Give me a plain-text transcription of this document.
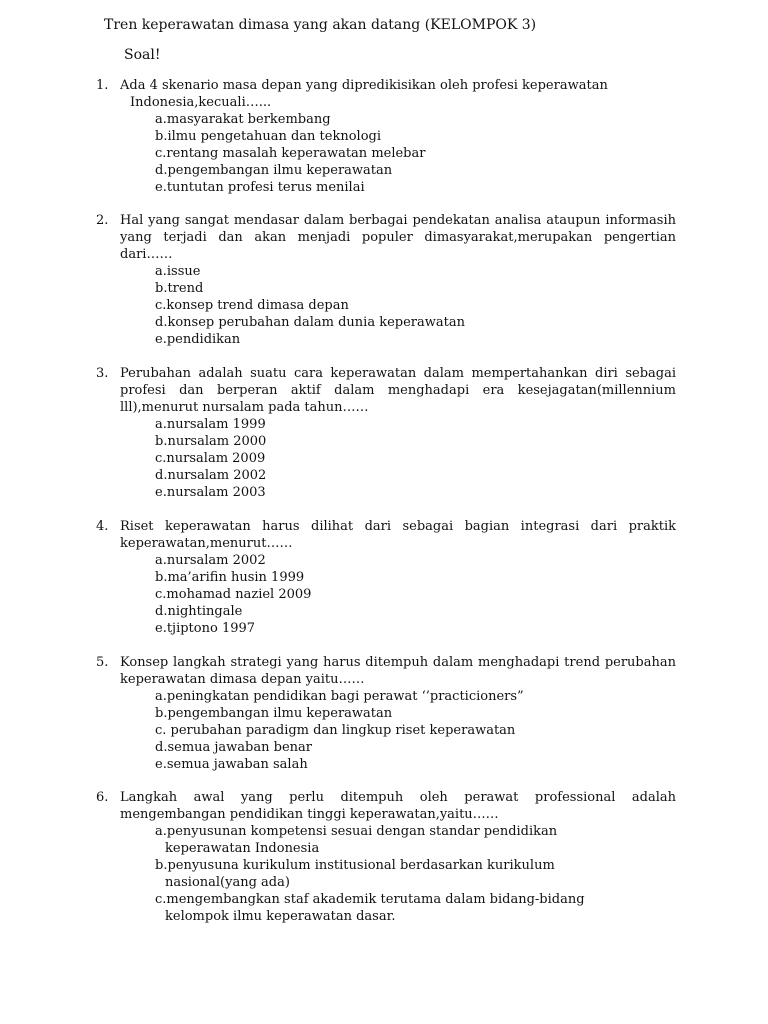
Tren keperawatan dimasa yang akan datang (KELOMPOK 3)
Soal!
1. Ada 4 skenario masa depan yang dipredikisikan oleh profesi keperawatan
Indonesia,kecuali…...
a.masyarakat berkembang
b.ilmu pengetahuan dan teknologi
c.rentang masalah keperawatan melebar
d.pengembangan ilmu keperawatan
e.tuntutan profesi terus menilai
2. Hal yang sangat mendasar dalam berbagai pendekatan analisa ataupun informasih yang terjadi dan akan menjadi populer dimasyarakat,merupakan pengertian dari……
a.issue
b.trend
c.konsep trend dimasa depan
d.konsep perubahan dalam dunia keperawatan
e.pendidikan
3. Perubahan adalah suatu cara keperawatan dalam mempertahankan diri sebagai profesi dan berperan aktif dalam menghadapi era kesejagatan(millennium lll),menurut nursalam pada tahun……
a.nursalam 1999
b.nursalam 2000
c.nursalam 2009
d.nursalam 2002
e.nursalam 2003
4. Riset keperawatan harus dilihat dari sebagai bagian integrasi dari praktik keperawatan,menurut……
a.nursalam 2002
b.ma’arifin husin 1999
c.mohamad naziel 2009
d.nightingale
e.tjiptono 1997
5. Konsep langkah strategi yang harus ditempuh dalam menghadapi trend perubahan keperawatan dimasa depan yaitu……
a.peningkatan pendidikan bagi perawat ‘’practicioners”
b.pengembangan ilmu keperawatan
c. perubahan paradigm dan lingkup riset keperawatan
d.semua jawaban benar
e.semua jawaban salah
6. Langkah awal yang perlu ditempuh oleh perawat professional adalah mengembangan pendidikan tinggi keperawatan,yaitu……
a.penyusunan kompetensi sesuai dengan standar pendidikan
keperawatan Indonesia
b.penyusuna kurikulum institusional berdasarkan kurikulum
nasional(yang ada)
c.mengembangkan staf akademik terutama dalam bidang-bidang
kelompok ilmu keperawatan dasar.
